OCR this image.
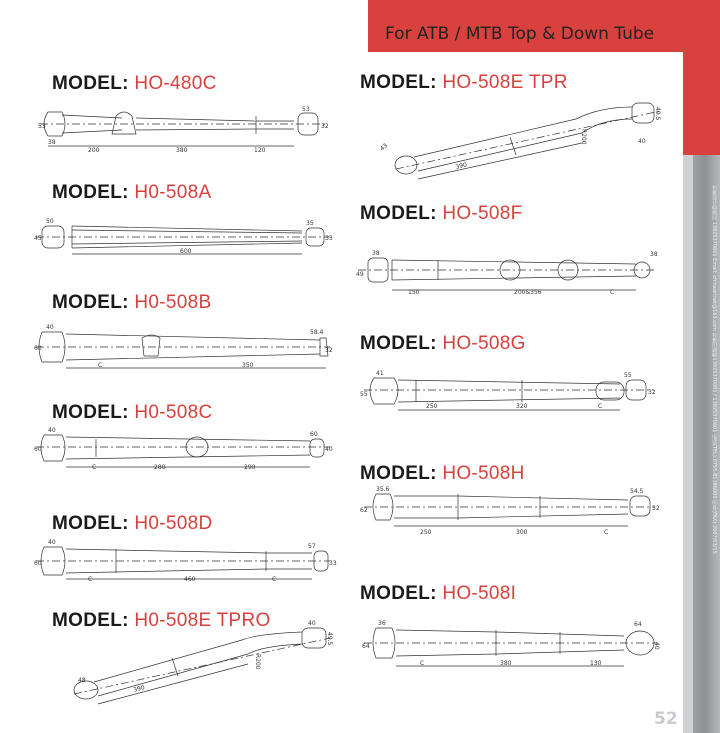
For ATB / MTB Top & Down Tube
杉雅设计@顾问 13825370601 Email: chinaartnet@163.com 杉雅印刷@13925370001 / 13825370601 电话(TEL):0755-81386000 传真(FAX):2007/03/15
52
MODEL: HO-480C
53
38
200	380	120
53
32
MODEL: H0-508A
50
45
35
33
600
MODEL: H0-508B
40
60
C	350
58.4
32
MODEL: H0-508C
40
60
C	280	290
60
40
MODEL: H0-508D
40
60
C	460	C
57
33
MODEL: H0-508E TPRO
48
390
R200
40
49.5
MODEL: HO-508E TPR
43
390
R200	40
49.5
MODEL: HO-508F
38
49
150	200&356	C
38
MODEL: HO-508G
41
55
250	320	C
55
32
MODEL: HO-508H
35.6
62
250	300	C
54.5
32
MODEL: HO-508I
36
64
C	380	130
64
40
